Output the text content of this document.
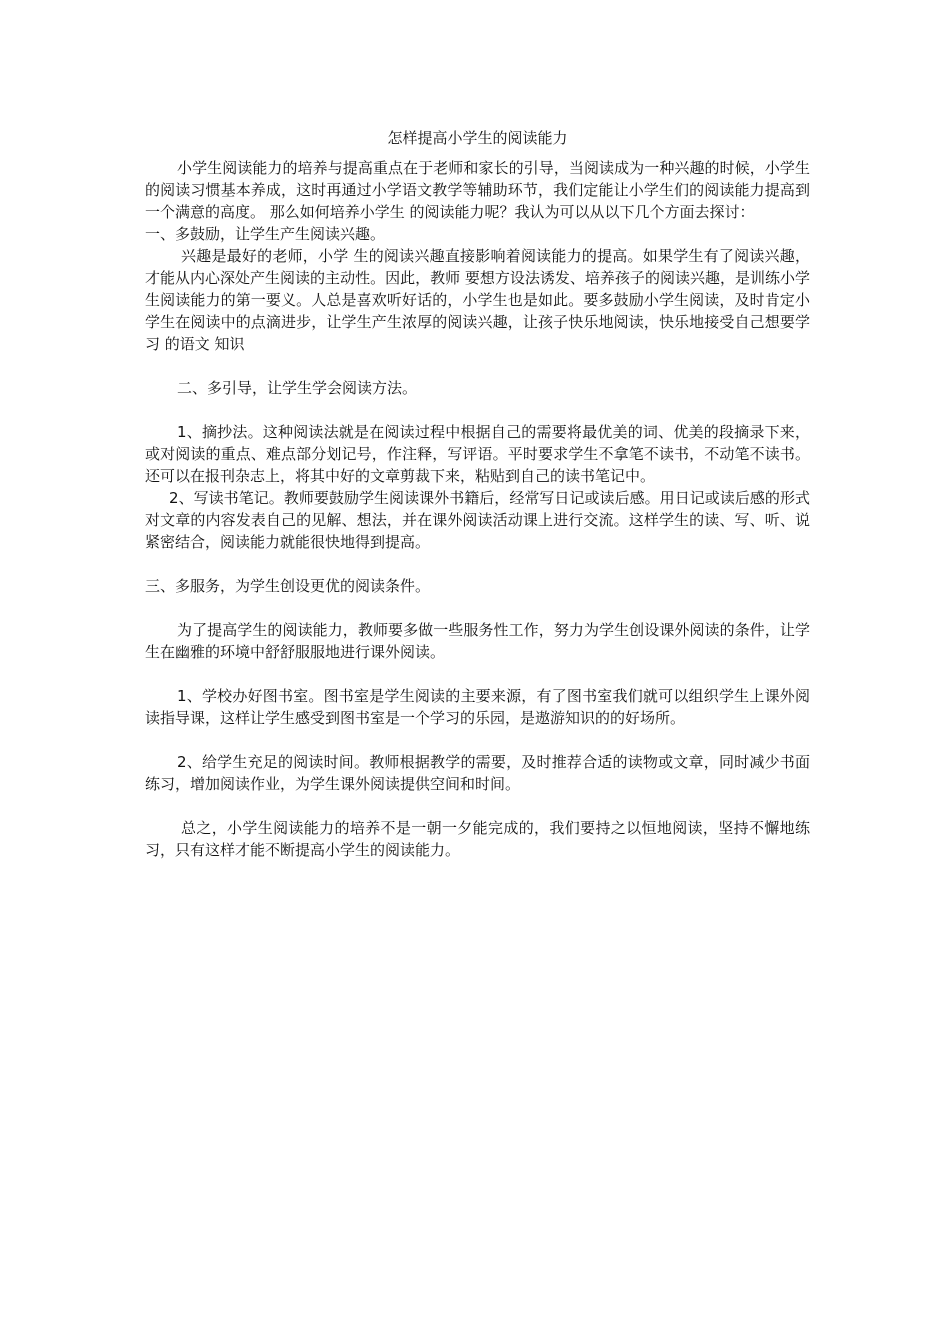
怎样提高小学生的阅读能力

小学生阅读能力的培养与提高重点在于老师和家长的引导，当阅读成为一种兴趣的时候，小学生的阅读习惯基本养成，这时再通过小学语文教学等辅助环节，我们定能让小学生们的阅读能力提高到一个满意的高度。 那么如何培养小学生 的阅读能力呢？我认为可以从以下几个方面去探讨：

一、多鼓励，让学生产生阅读兴趣。

兴趣是最好的老师，小学 生的阅读兴趣直接影响着阅读能力的提高。如果学生有了阅读兴趣，才能从内心深处产生阅读的主动性。因此，教师 要想方设法诱发、培养孩子的阅读兴趣，是训练小学 生阅读能力的第一要义。人总是喜欢听好话的，小学生也是如此。要多鼓励小学生阅读，及时肯定小学生在阅读中的点滴进步，让学生产生浓厚的阅读兴趣，让孩子快乐地阅读，快乐地接受自己想要学习 的语文 知识

二、多引导，让学生学会阅读方法。

1、摘抄法。这种阅读法就是在阅读过程中根据自己的需要将最优美的词、优美的段摘录下来，或对阅读的重点、难点部分划记号，作注释，写评语。平时要求学生不拿笔不读书，不动笔不读书。还可以在报刊杂志上，将其中好的文章剪裁下来，粘贴到自己的读书笔记中。

2、写读书笔记。教师要鼓励学生阅读课外书籍后，经常写日记或读后感。用日记或读后感的形式对文章的内容发表自己的见解、想法，并在课外阅读活动课上进行交流。这样学生的读、写、听、说紧密结合，阅读能力就能很快地得到提高。

三、多服务，为学生创设更优的阅读条件。

为了提高学生的阅读能力，教师要多做一些服务性工作，努力为学生创设课外阅读的条件，让学生在幽雅的环境中舒舒服服地进行课外阅读。

1、学校办好图书室。图书室是学生阅读的主要来源，有了图书室我们就可以组织学生上课外阅读指导课，这样让学生感受到图书室是一个学习的乐园，是遨游知识的的好场所。

2、给学生充足的阅读时间。教师根据教学的需要，及时推荐合适的读物或文章，同时减少书面练习，增加阅读作业，为学生课外阅读提供空间和时间。

总之，小学生阅读能力的培养不是一朝一夕能完成的，我们要持之以恒地阅读，坚持不懈地练习，只有这样才能不断提高小学生的阅读能力。
